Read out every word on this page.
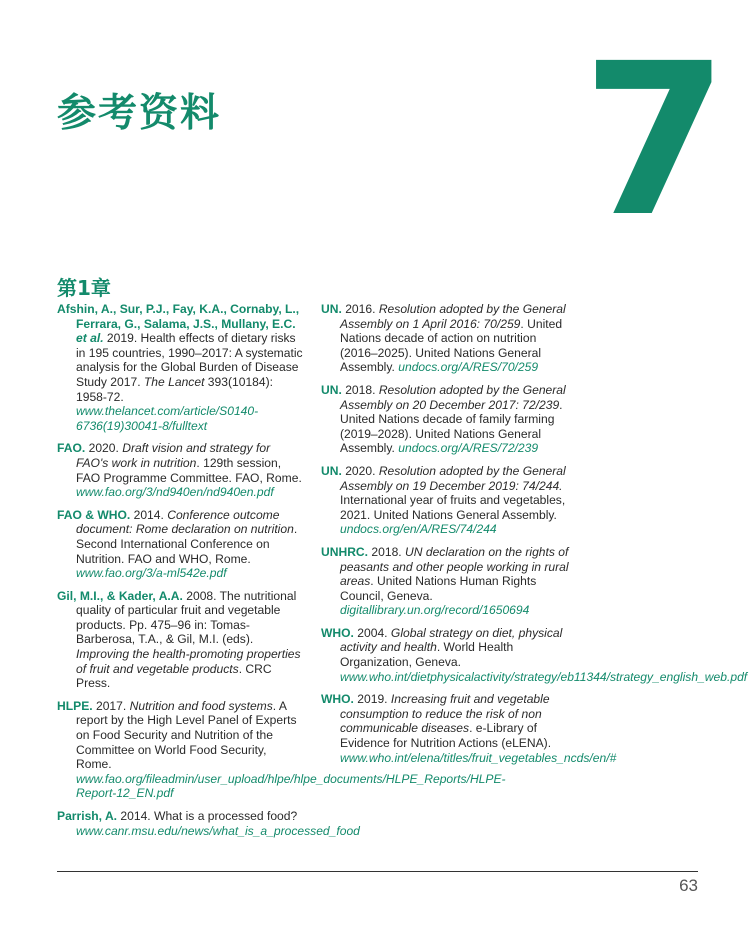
参考资料 7
第1章

Afshin, A., Sur, P.J., Fay, K.A., Cornaby, L., Ferrara, G., Salama, J.S., Mullany, E.C. et al. 2019. Health effects of dietary risks in 195 countries, 1990–2017: A systematic analysis for the Global Burden of Disease Study 2017. The Lancet 393(10184): 1958-72. www.thelancet.com/article/S0140-6736(19)30041-8/fulltext

FAO. 2020. Draft vision and strategy for FAO's work in nutrition. 129th session, FAO Programme Committee. FAO, Rome. www.fao.org/3/nd940en/nd940en.pdf

FAO & WHO. 2014. Conference outcome document: Rome declaration on nutrition. Second International Conference on Nutrition. FAO and WHO, Rome. www.fao.org/3/a-ml542e.pdf

Gil, M.I., & Kader, A.A. 2008. The nutritional quality of particular fruit and vegetable products. Pp. 475–96 in: Tomas-Barberosa, T.A., & Gil, M.I. (eds). Improving the health-promoting properties of fruit and vegetable products. CRC Press.

HLPE. 2017. Nutrition and food systems. A report by the High Level Panel of Experts on Food Security and Nutrition of the Committee on World Food Security, Rome. www.fao.org/fileadmin/user_upload/hlpe/hlpe_documents/HLPE_Reports/HLPE-Report-12_EN.pdf

Parrish, A. 2014. What is a processed food? www.canr.msu.edu/news/what_is_a_processed_food

UN. 2016. Resolution adopted by the General Assembly on 1 April 2016: 70/259. United Nations decade of action on nutrition (2016–2025). United Nations General Assembly. undocs.org/A/RES/70/259

UN. 2018. Resolution adopted by the General Assembly on 20 December 2017: 72/239. United Nations decade of family farming (2019–2028). United Nations General Assembly. undocs.org/A/RES/72/239

UN. 2020. Resolution adopted by the General Assembly on 19 December 2019: 74/244. International year of fruits and vegetables, 2021. United Nations General Assembly. undocs.org/en/A/RES/74/244

UNHRC. 2018. UN declaration on the rights of peasants and other people working in rural areas. United Nations Human Rights Council, Geneva. digitallibrary.un.org/record/1650694

WHO. 2004. Global strategy on diet, physical activity and health. World Health Organization, Geneva. www.who.int/dietphysicalactivity/strategy/eb11344/strategy_english_web.pdf

WHO. 2019. Increasing fruit and vegetable consumption to reduce the risk of non communicable diseases. e-Library of Evidence for Nutrition Actions (eLENA). www.who.int/elena/titles/fruit_vegetables_ncds/en/#

63
